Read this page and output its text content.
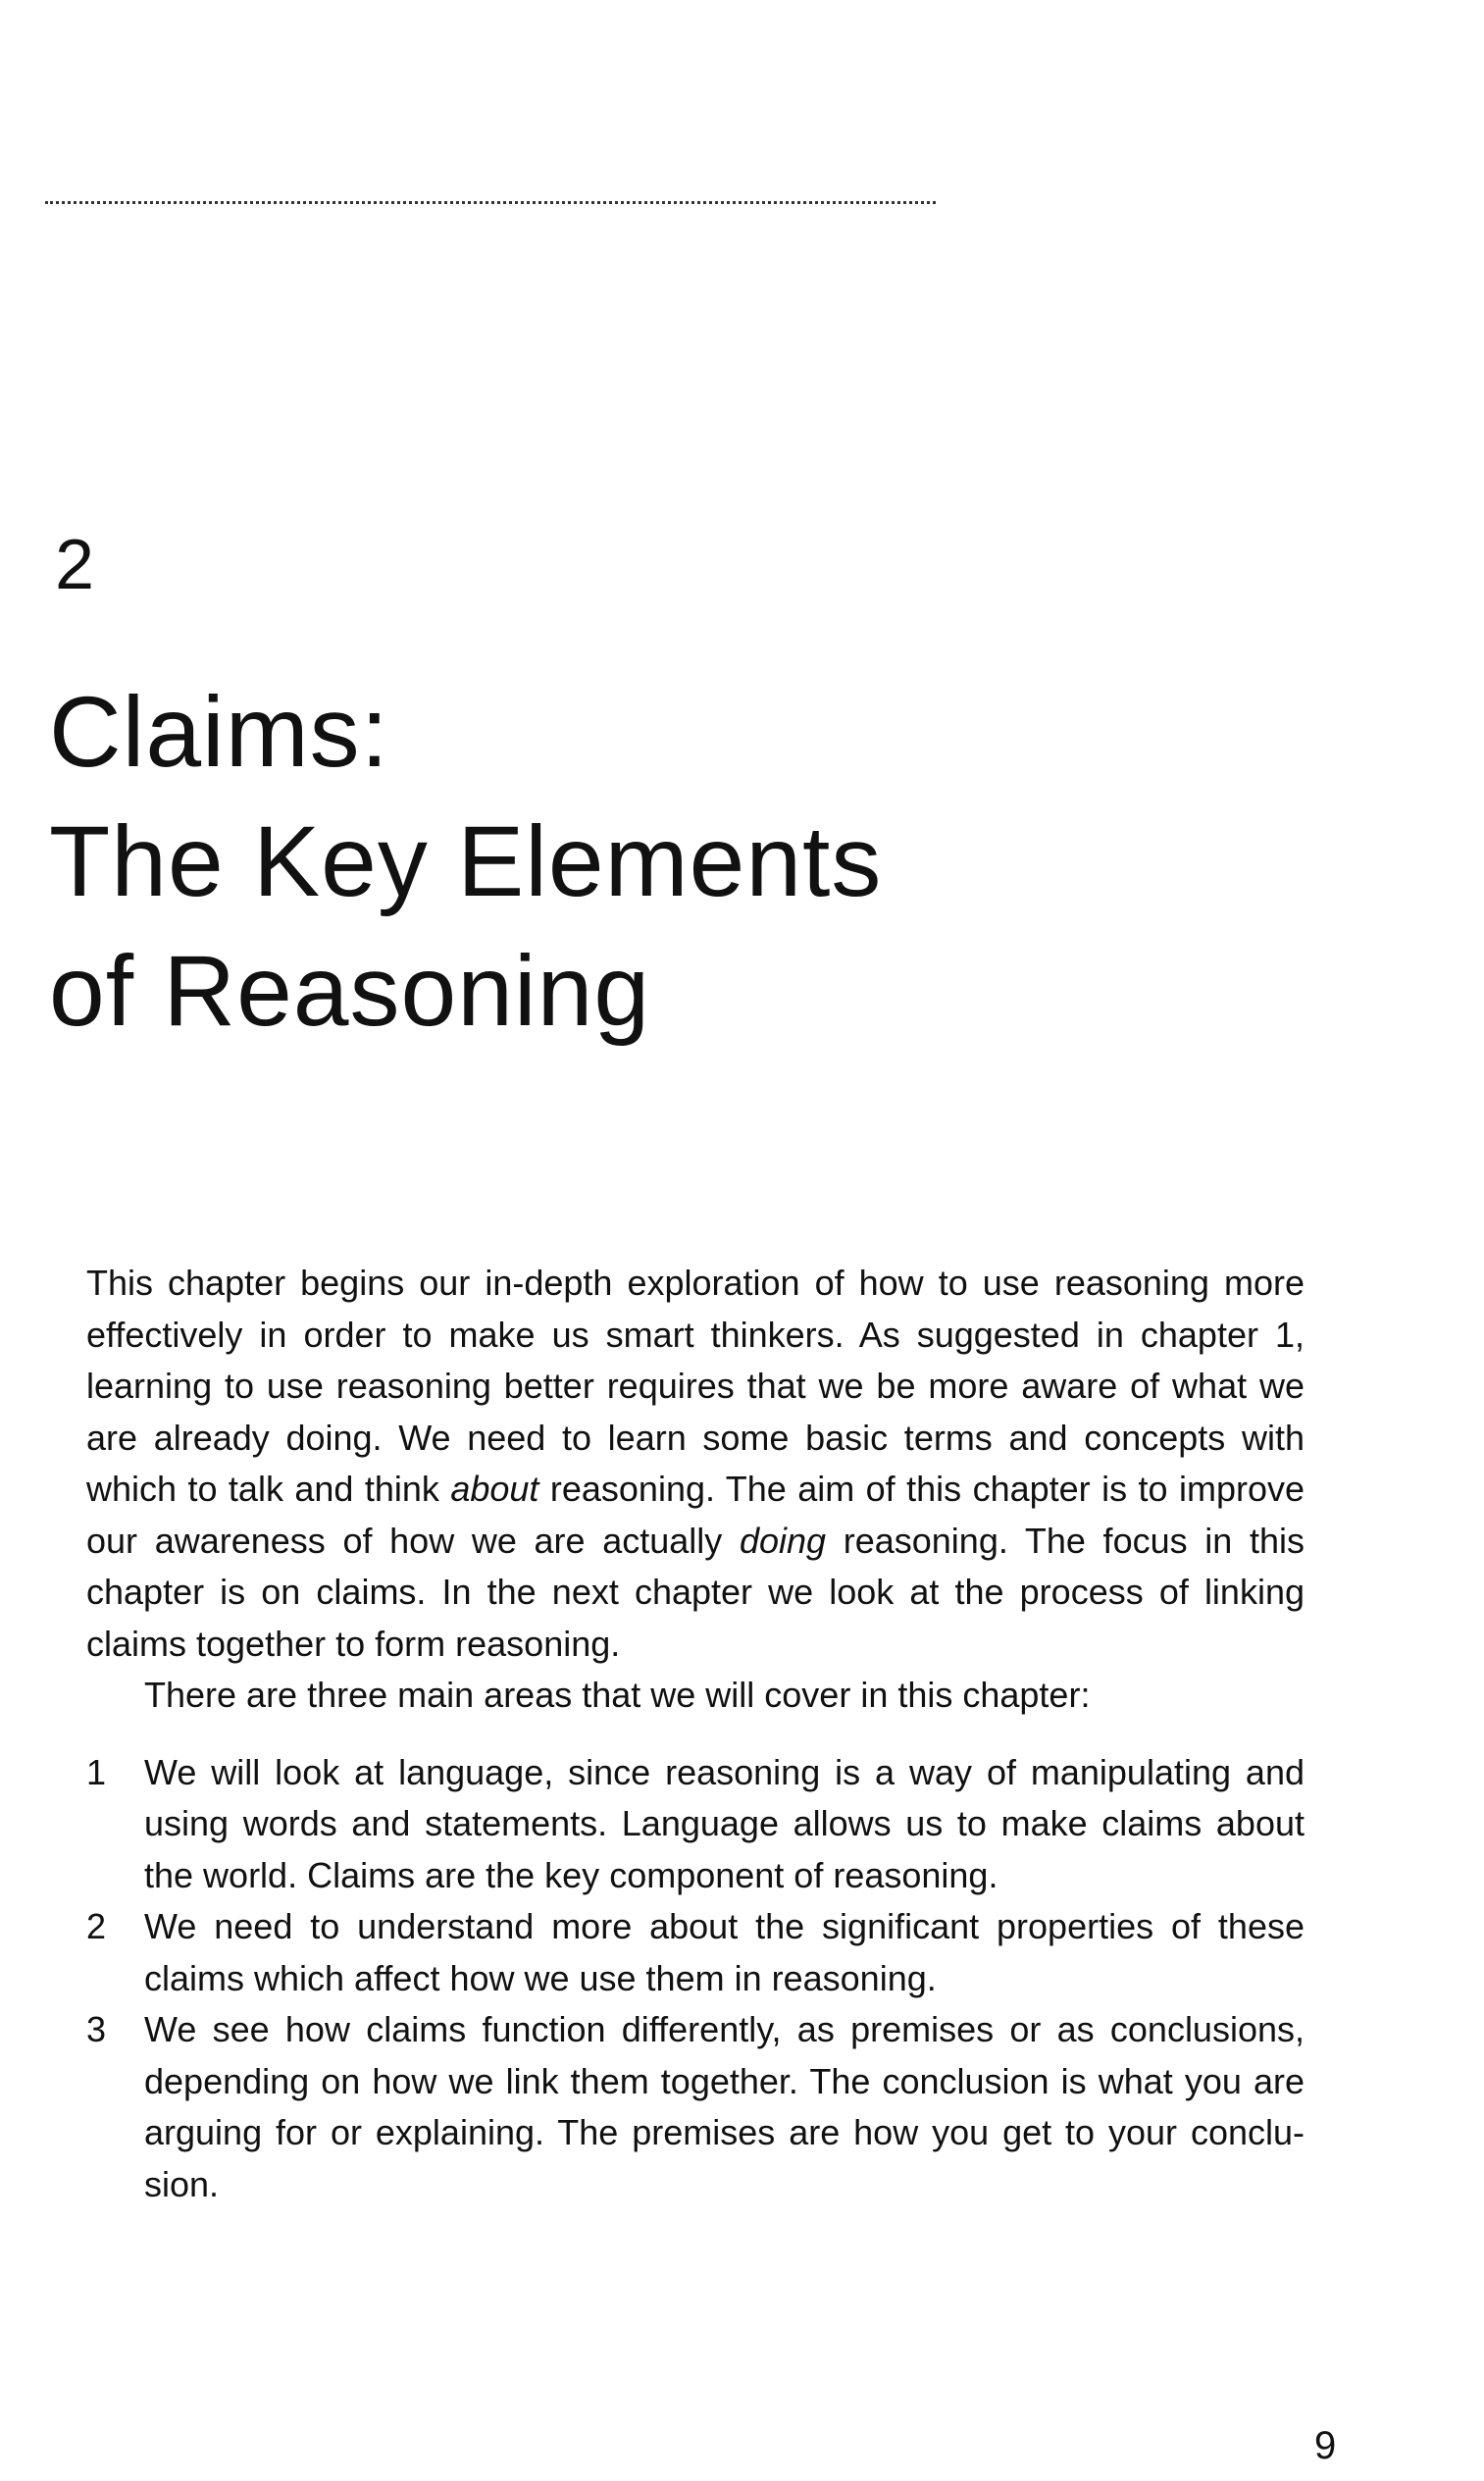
2
Claims:
The Key Elements
of Reasoning

This chapter begins our in-depth exploration of how to use reasoning more effectively in order to make us smart thinkers. As suggested in chapter 1, learning to use reasoning better requires that we be more aware of what we are already doing. We need to learn some basic terms and concepts with which to talk and think about reasoning. The aim of this chapter is to improve our awareness of how we are actually doing reasoning. The focus in this chapter is on claims. In the next chapter we look at the process of linking claims together to form reasoning.

There are three main areas that we will cover in this chapter:

1 We will look at language, since reasoning is a way of manipulating and using words and statements. Language allows us to make claims about the world. Claims are the key component of reasoning.
2 We need to understand more about the significant properties of these claims which affect how we use them in reasoning.
3 We see how claims function differently, as premises or as conclusions, depending on how we link them together. The conclusion is what you are arguing for or explaining. The premises are how you get to your conclu-sion.
9
